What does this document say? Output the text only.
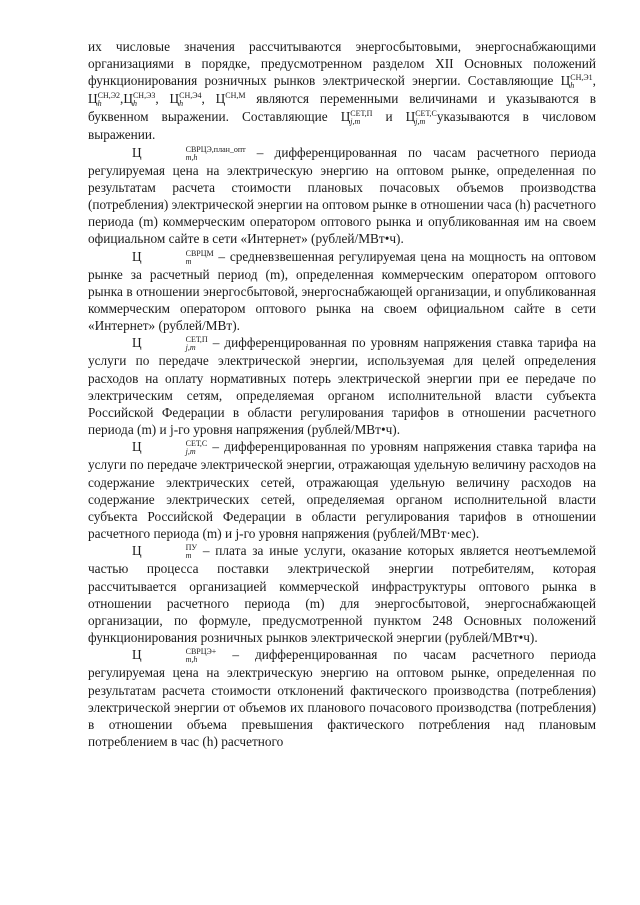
их числовые значения рассчитываются энергосбытовыми, энергоснабжающими организациями в порядке, предусмотренном разделом XII Основных положений функционирования розничных рынков электрической энергии. Составляющие Ц СН,Э1
h	, Ц СН,Э2
h	,Ц СН,Э3
h	, Ц СН,Э4
h	, Ц СН,М
являются переменными величинами и указываются в буквенном выражении. Составляющие Ц СЕТ,П
j,m и Ц СЕТ,С
j,m указываются в числовом выражении.

Ц	СВРЦЭ,план_опт
m,h	– дифференцированная по часам расчетного периода регулируемая цена на электрическую энергию на оптовом рынке, определенная по результатам расчета стоимости плановых почасовых объемов производства (потребления) электрической энергии на оптовом рынке в отношении часа (h) расчетного периода (m) коммерческим оператором оптового рынка и опубликованная им на своем официальном сайте в сети «Интернет» (рублей/МВт•ч).

Ц	СВРЦМ
m	– средневзвешенная регулируемая цена на мощность на оптовом рынке за расчетный период (m), определенная коммерческим оператором оптового рынка в отношении энергосбытовой, энергоснабжающей организации, и опубликованная коммерческим оператором оптового рынка на своем официальном сайте в сети «Интернет» (рублей/МВт).

Ц	СЕТ,П
j,m – дифференцированная по уровням напряжения ставка тарифа на услуги по передаче электрической энергии, используемая для целей определения расходов на оплату нормативных потерь электрической энергии при ее передаче по электрическим сетям, определяемая органом исполнительной власти субъекта Российской Федерации в области регулирования тарифов в отношении расчетного периода (m) и j-го уровня напряжения (рублей/МВт•ч).

Ц	СЕТ,С
j,m – дифференцированная по уровням напряжения ставка тарифа на услуги по передаче электрической энергии, отражающая удельную величину расходов на содержание электрических сетей, отражающая удельную величину расходов на содержание электрических сетей, определяемая органом исполнительной власти субъекта Российской Федерации в области регулирования тарифов в отношении расчетного периода (m) и j-го уровня напряжения (рублей/МВт·мес).

Ц	ПУ
m – плата за иные услуги, оказание которых является неотъемлемой частью процесса поставки электрической энергии потребителям, которая рассчитывается организацией коммерческой инфраструктуры оптового рынка в отношении расчетного периода (m) для энергосбытовой, энергоснабжающей организации, по формуле, предусмотренной пунктом 248 Основных положений функционирования розничных рынков электрической энергии (рублей/МВт•ч).

Ц	СВРЦЭ+
m,h	– дифференцированная по часам расчетного периода регулируемая цена на электрическую энергию на оптовом рынке, определенная по результатам расчета стоимости отклонений фактического производства (потребления) электрической энергии от объемов их планового почасового производства (потребления) в отношении объема превышения фактического потребления над плановым потреблением в час (h) расчетного
